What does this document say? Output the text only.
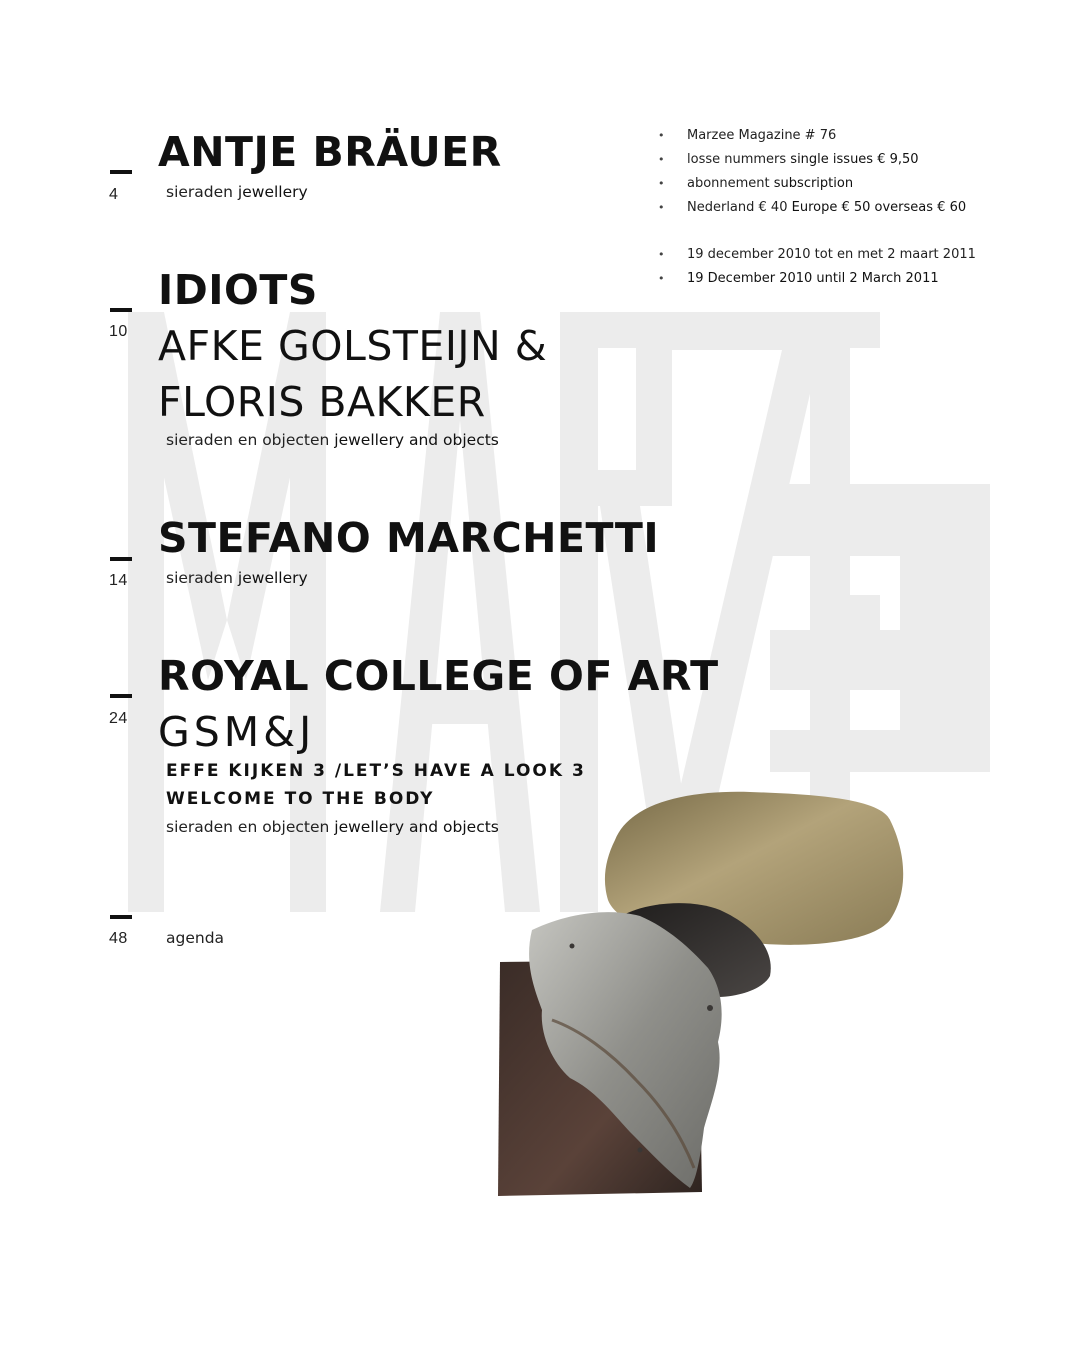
• Marzee Magazine # 76
• losse nummers single issues € 9,50
• abonnement subscription
• Nederland € 40 Europe € 50 overseas € 60
• 19 december 2010 tot en met 2 maart 2011
• 19 December 2010 until 2 March 2011
4
ANTJE BRÄUER
sieraden jewellery
10
IDIOTS
AFKE GOLSTEIJN &
FLORIS BAKKER
sieraden en objecten jewellery and objects
14
STEFANO MARCHETTI
sieraden jewellery
24
ROYAL COLLEGE OF ART
GSM&J
EFFE KIJKEN 3 /LET’S HAVE A LOOK 3
WELCOME TO THE BODY
sieraden en objecten jewellery and objects
48 agenda
